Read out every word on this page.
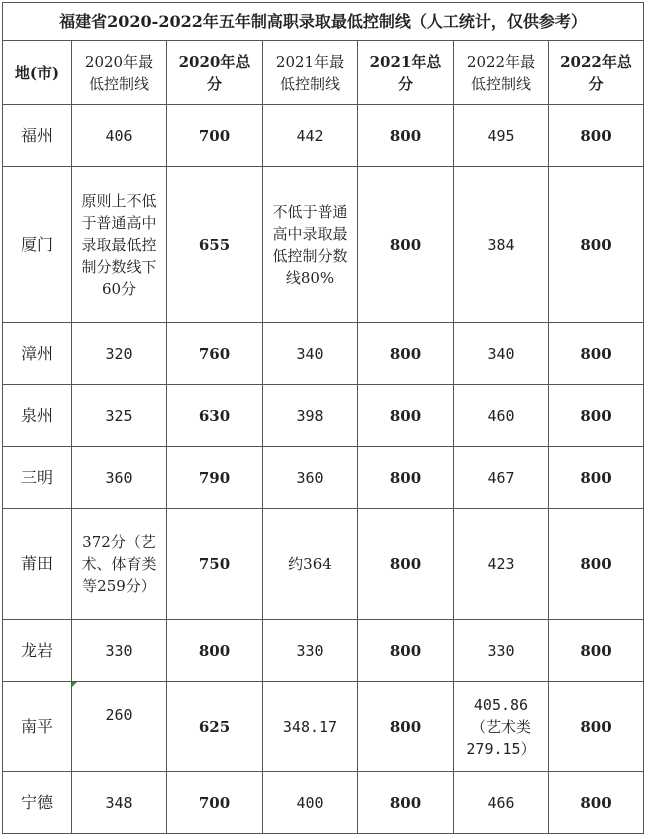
福建省2020-2022年五年制高职录取最低控制线（人工统计，仅供参考）						
地(市)	2020年最低控制线	2020年总分	2021年最低控制线	2021年总分	2022年最低控制线	2022年总分
福州	406	700	442	800	495	800
厦门	原则上不低于普通高中录取最低控制分数线下60分	655	不低于普通高中录取最低控制分数线80%	800	384	800
漳州	320	760	340	800	340	800
泉州	325	630	398	800	460	800
三明	360	790	360	800	467	800
莆田	372分（艺术、体育类等259分）	750	约364	800	423	800
龙岩	330	800	330	800	330	800
南平	260	625	348.17	800	405.86（艺术类279.15）	800
宁德	348	700	400	800	466	800
